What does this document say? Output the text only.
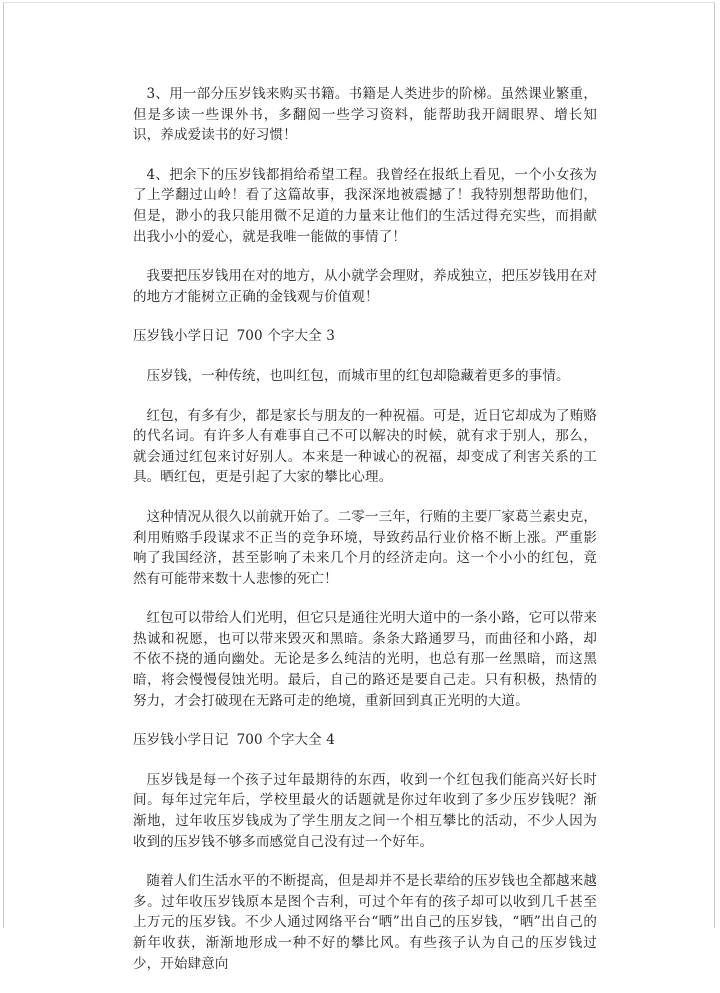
3、用一部分压岁钱来购买书籍。书籍是人类进步的阶梯。虽然课业繁重，但是多读一些课外书，多翻阅一些学习资料，能帮助我开阔眼界、增长知识，养成爱读书的好习惯！

4、把余下的压岁钱都捐给希望工程。我曾经在报纸上看见，一个小女孩为了上学翻过山岭！看了这篇故事，我深深地被震撼了！我特别想帮助他们，但是，渺小的我只能用微不足道的力量来让他们的生活过得充实些，而捐献出我小小的爱心，就是我唯一能做的事情了！

我要把压岁钱用在对的地方，从小就学会理财，养成独立，把压岁钱用在对的地方才能树立正确的金钱观与价值观！

压岁钱小学日记 700 个字大全 3

压岁钱，一种传统，也叫红包，而城市里的红包却隐藏着更多的事情。

红包，有多有少，都是家长与朋友的一种祝福。可是，近日它却成为了贿赂的代名词。有许多人有难事自己不可以解决的时候，就有求于别人，那么，就会通过红包来讨好别人。本来是一种诚心的祝福，却变成了利害关系的工具。晒红包，更是引起了大家的攀比心理。

这种情况从很久以前就开始了。二零一三年，行贿的主要厂家葛兰素史克，利用贿赂手段谋求不正当的竞争环境，导致药品行业价格不断上涨。严重影响了我国经济，甚至影响了未来几个月的经济走向。这一个小小的红包，竟然有可能带来数十人悲惨的死亡！

红包可以带给人们光明，但它只是通往光明大道中的一条小路，它可以带来热诚和祝愿，也可以带来毁灭和黑暗。条条大路通罗马，而曲径和小路，却不依不挠的通向幽处。无论是多么纯洁的光明，也总有那一丝黑暗，而这黑暗，将会慢慢侵蚀光明。最后，自己的路还是要自己走。只有积极，热情的努力，才会打破现在无路可走的绝境，重新回到真正光明的大道。

压岁钱小学日记 700 个字大全 4

压岁钱是每一个孩子过年最期待的东西，收到一个红包我们能高兴好长时间。每年过完年后，学校里最火的话题就是你过年收到了多少压岁钱呢？渐渐地，过年收压岁钱成为了学生朋友之间一个相互攀比的活动，不少人因为收到的压岁钱不够多而感觉自己没有过一个好年。

随着人们生活水平的不断提高，但是却并不是长辈给的压岁钱也全都越来越多。过年收压岁钱原本是图个吉利，可过个年有的孩子却可以收到几千甚至上万元的压岁钱。不少人通过网络平台“晒”出自己的压岁钱，“晒”出自己的新年收获，渐渐地形成一种不好的攀比风。有些孩子认为自己的压岁钱过少，开始肆意向
